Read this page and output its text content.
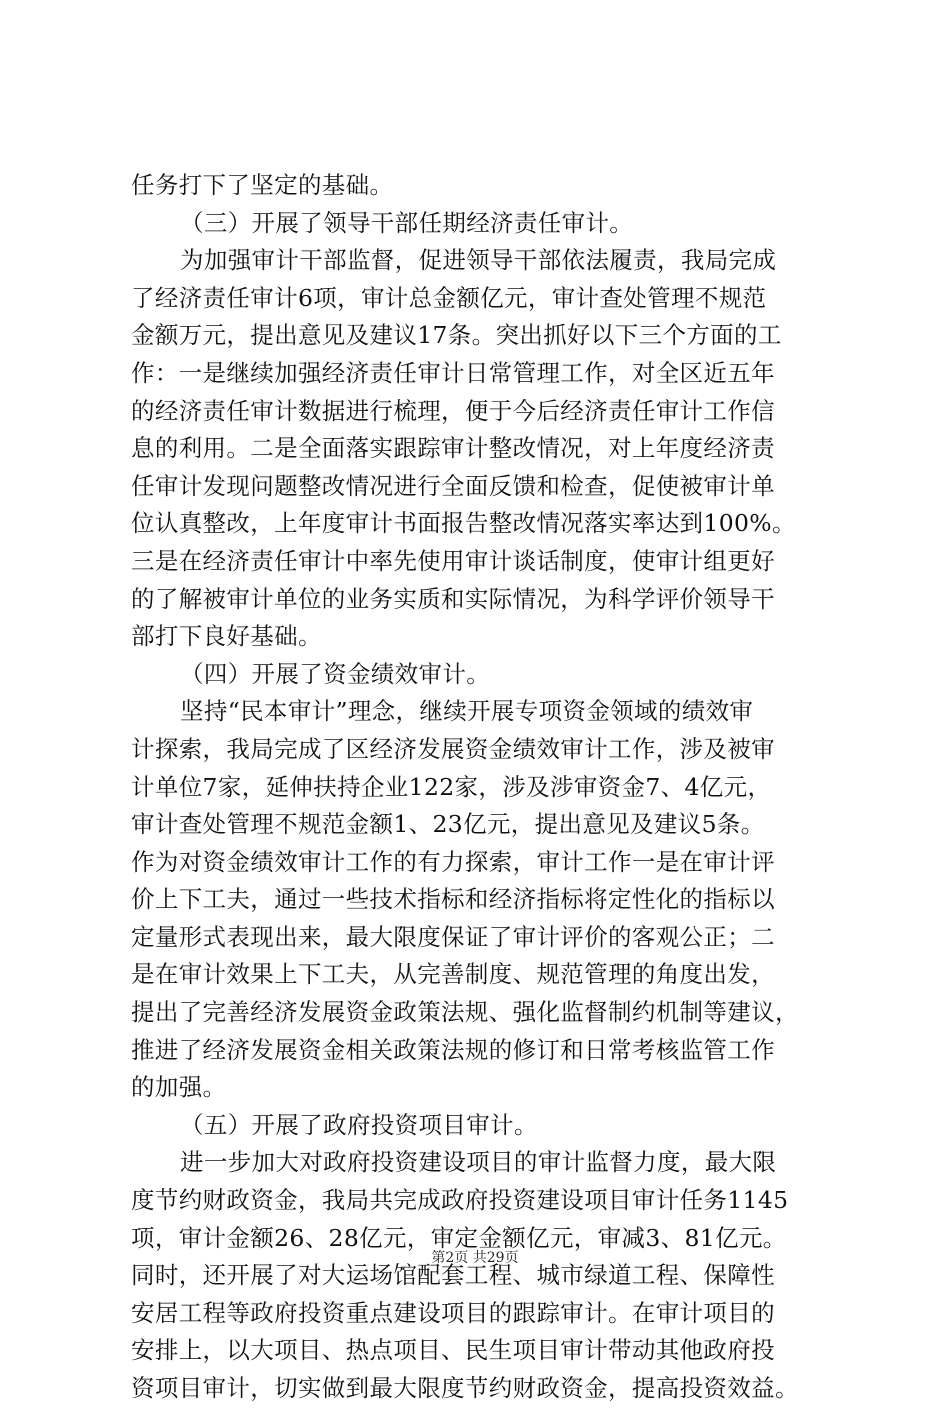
任务打下了坚定的基础。
（三）开展了领导干部任期经济责任审计。
为加强审计干部监督，促进领导干部依法履责，我局完成
了经济责任审计6项，审计总金额亿元，审计查处管理不规范
金额万元，提出意见及建议17条。突出抓好以下三个方面的工
作：一是继续加强经济责任审计日常管理工作，对全区近五年
的经济责任审计数据进行梳理，便于今后经济责任审计工作信
息的利用。二是全面落实跟踪审计整改情况，对上年度经济责
任审计发现问题整改情况进行全面反馈和检查，促使被审计单
位认真整改，上年度审计书面报告整改情况落实率达到100%。
三是在经济责任审计中率先使用审计谈话制度，使审计组更好
的了解被审计单位的业务实质和实际情况，为科学评价领导干
部打下良好基础。
（四）开展了资金绩效审计。
坚持“民本审计”理念，继续开展专项资金领域的绩效审
计探索，我局完成了区经济发展资金绩效审计工作，涉及被审
计单位7家，延伸扶持企业122家，涉及涉审资金7、4亿元，
审计查处管理不规范金额1、23亿元，提出意见及建议5条。
作为对资金绩效审计工作的有力探索，审计工作一是在审计评
价上下工夫，通过一些技术指标和经济指标将定性化的指标以
定量形式表现出来，最大限度保证了审计评价的客观公正；二
是在审计效果上下工夫，从完善制度、规范管理的角度出发，
提出了完善经济发展资金政策法规、强化监督制约机制等建议，
推进了经济发展资金相关政策法规的修订和日常考核监管工作
的加强。
（五）开展了政府投资项目审计。
进一步加大对政府投资建设项目的审计监督力度，最大限
度节约财政资金，我局共完成政府投资建设项目审计任务1145
项，审计金额26、28亿元，审定金额亿元，审减3、81亿元。
同时，还开展了对大运场馆配套工程、城市绿道工程、保障性
安居工程等政府投资重点建设项目的跟踪审计。在审计项目的
安排上，以大项目、热点项目、民生项目审计带动其他政府投
资项目审计，切实做到最大限度节约财政资金，提高投资效益。
第2页 共29页
